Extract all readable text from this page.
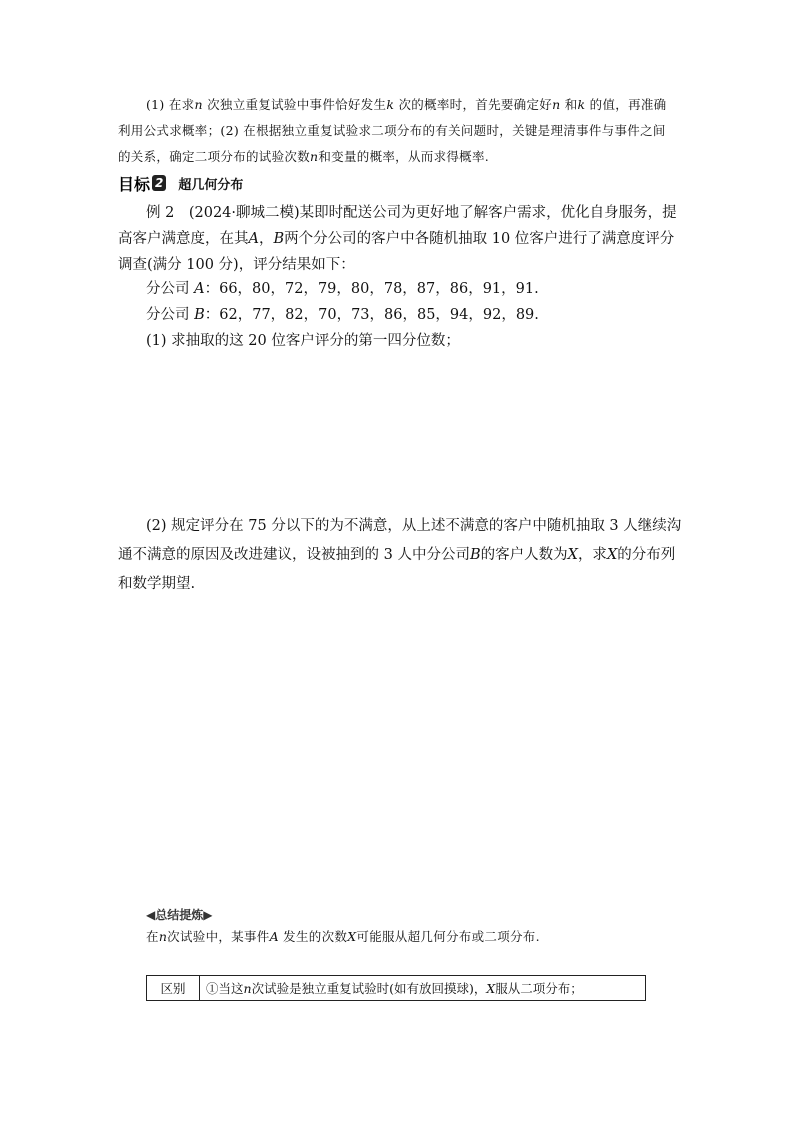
(1) 在求n 次独立重复试验中事件恰好发生k 次的概率时，首先要确定好n 和k 的值，再准确利用公式求概率；(2) 在根据独立重复试验求二项分布的有关问题时，关键是理清事件与事件之间的关系，确定二项分布的试验次数n和变量的概率，从而求得概率.
目标 2 超几何分布
例 2　(2024·聊城二模)某即时配送公司为更好地了解客户需求，优化自身服务，提高客户满意度，在其A，B两个分公司的客户中各随机抽取 10 位客户进行了满意度评分调查(满分 100 分)，评分结果如下：
分公司 A：66，80，72，79，80，78，87，86，91，91.
分公司 B：62，77，82，70，73，86，85，94，92，89.
(1) 求抽取的这 20 位客户评分的第一四分位数；
(2) 规定评分在 75 分以下的为不满意，从上述不满意的客户中随机抽取 3 人继续沟通不满意的原因及改进建议，设被抽到的 3 人中分公司B的客户人数为X，求X的分布列和数学期望.
◀总结提炼▶
在n次试验中，某事件A 发生的次数X可能服从超几何分布或二项分布.
区别	①当这n次试验是独立重复试验时(如有放回摸球)，X服从二项分布；
